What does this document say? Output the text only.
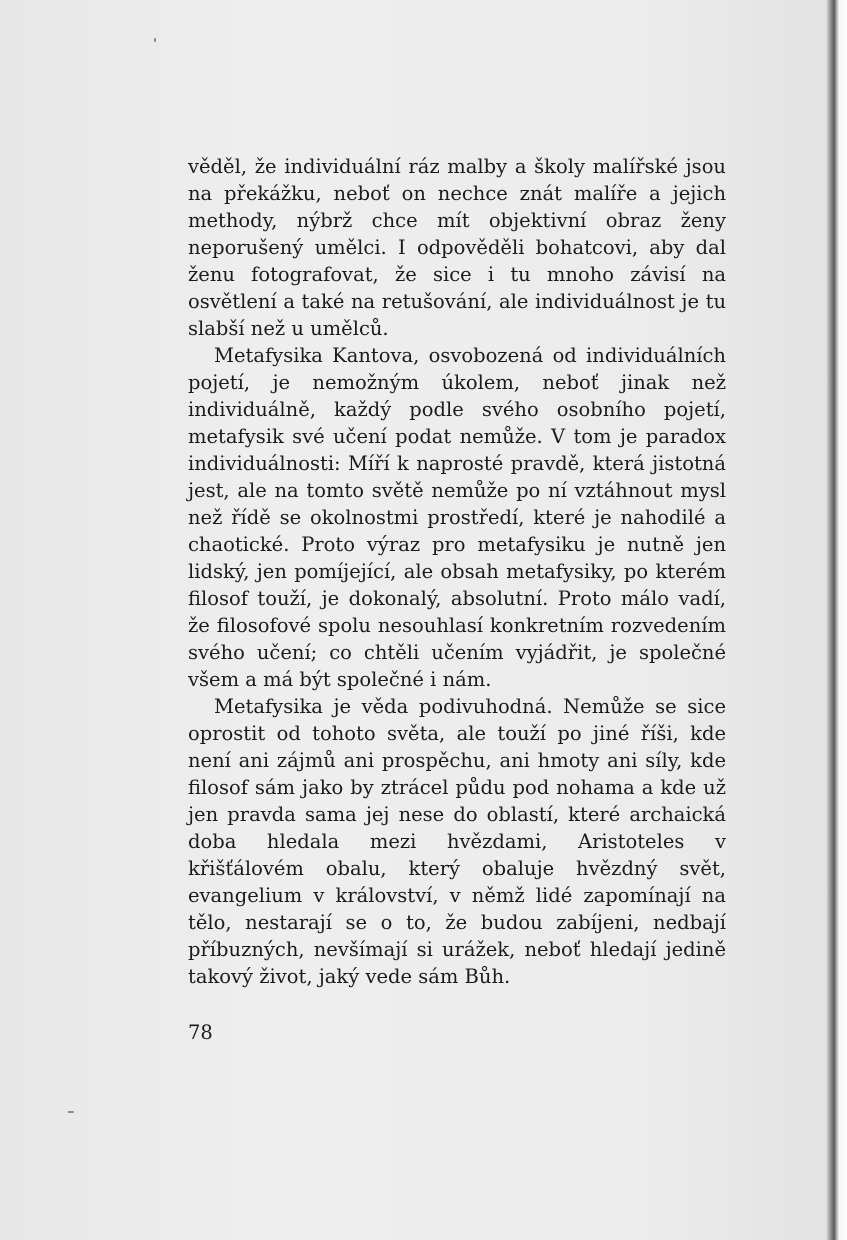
věděl, že individuální ráz malby a školy malířské jsou na překážku, neboť on nechce znát malíře a jejich methody, nýbrž chce mít objektivní obraz ženy neporušený umělci. I odpověděli bohatcovi, aby dal ženu fotografovat, že sice i tu mnoho závisí na osvětlení a také na retušování, ale individuálnost je tu slabší než u umělců.

Metafysika Kantova, osvobozená od individuálních pojetí, je nemožným úkolem, neboť jinak než individuálně, každý podle svého osobního pojetí, metafysik své učení podat nemůže. V tom je paradox individuálnosti: Míří k naprosté pravdě, která jistotná jest, ale na tomto světě nemůže po ní vztáhnout mysl než řídě se okolnostmi prostředí, které je nahodilé a chaotické. Proto výraz pro metafysiku je nutně jen lidský, jen pomíjející, ale obsah metafysiky, po kterém filosof touží, je dokonalý, absolutní. Proto málo vadí, že filosofové spolu nesouhlasí konkretním rozvedením svého učení; co chtěli učením vyjádřit, je společné všem a má být společné i nám.

Metafysika je věda podivuhodná. Nemůže se sice oprostit od tohoto světa, ale touží po jiné říši, kde není ani zájmů ani prospěchu, ani hmoty ani síly, kde filosof sám jako by ztrácel půdu pod nohama a kde už jen pravda sama jej nese do oblastí, které archaická doba hledala mezi hvězdami, Aristoteles v křišťálovém obalu, který obaluje hvězdný svět, evangelium v království, v němž lidé zapomínají na tělo, nestarají se o to, že budou zabíjeni, nedbají příbuzných, nevšímají si urážek, neboť hledají jedině takový život, jaký vede sám Bůh.

78
